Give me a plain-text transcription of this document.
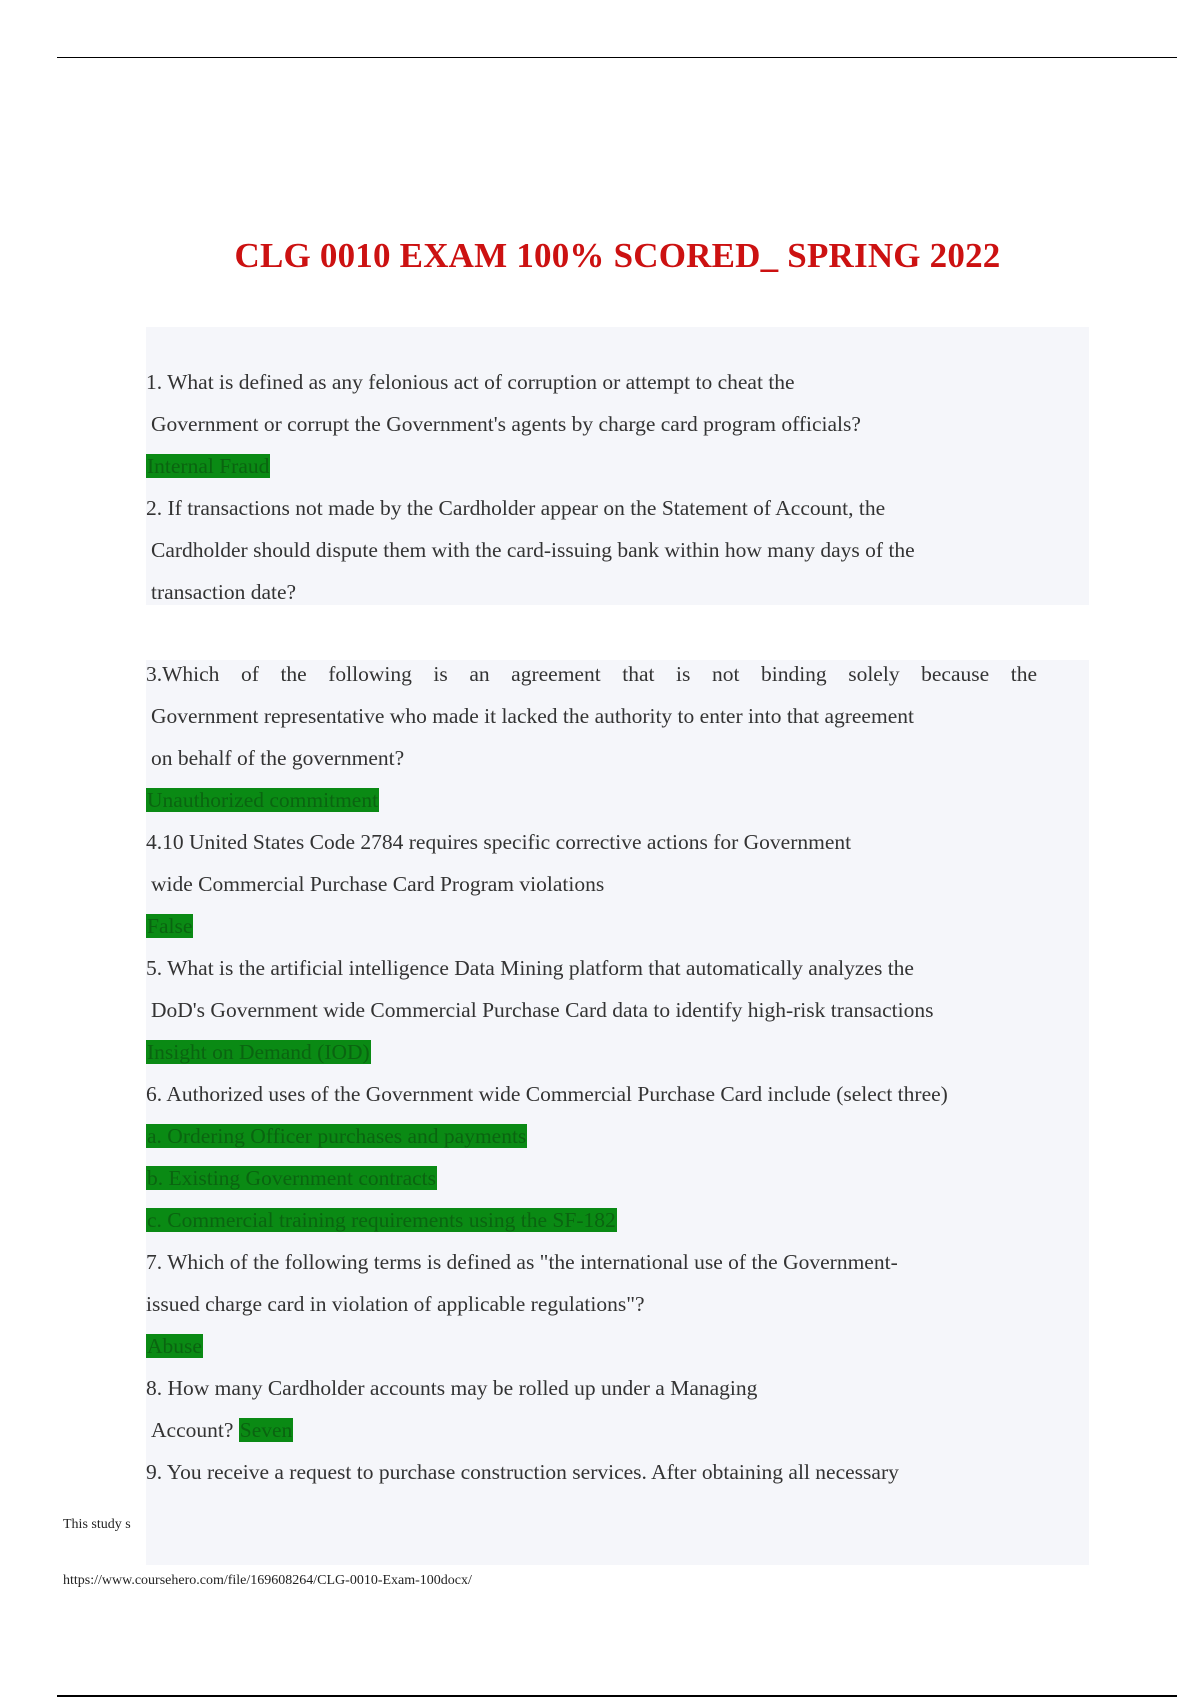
CLG 0010 EXAM 100% SCORED_ SPRING 2022
1. What is defined as any felonious act of corruption or attempt to cheat the
Government or corrupt the Government's agents by charge card program officials?
Internal Fraud
2. If transactions not made by the Cardholder appear on the Statement of Account, the
Cardholder should dispute them with the card-issuing bank within how many days of the
transaction date?
3.Which of the following is an agreement that is not binding solely because the
Government representative who made it lacked the authority to enter into that agreement
on behalf of the government?
Unauthorized commitment
4.10 United States Code 2784 requires specific corrective actions for Government
wide Commercial Purchase Card Program violations
False
5. What is the artificial intelligence Data Mining platform that automatically analyzes the
DoD's Government wide Commercial Purchase Card data to identify high-risk transactions
Insight on Demand (IOD)
6. Authorized uses of the Government wide Commercial Purchase Card include (select three)
a. Ordering Officer purchases and payments
b. Existing Government contracts
c. Commercial training requirements using the SF-182
7. Which of the following terms is defined as "the international use of the Government-
issued charge card in violation of applicable regulations"?
Abuse
8. How many Cardholder accounts may be rolled up under a Managing
Account? Seven
9. You receive a request to purchase construction services. After obtaining all necessary
This study s
https://www.coursehero.com/file/169608264/CLG-0010-Exam-100docx/
